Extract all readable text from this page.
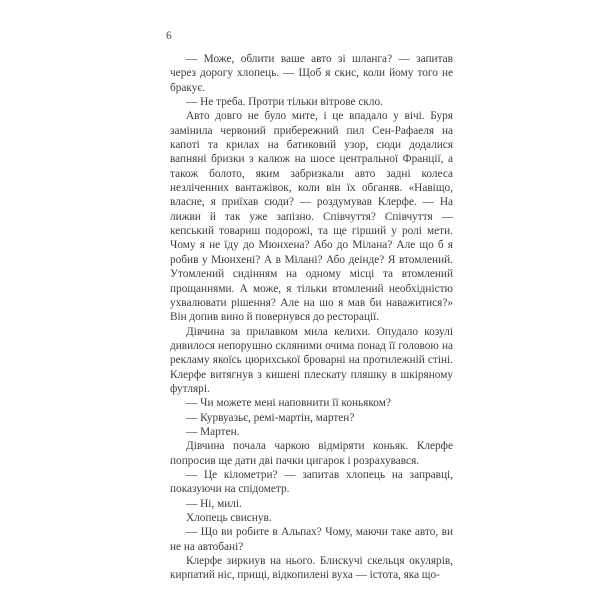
6

— Може, облити ваше авто зі шланга? — запитав через дорогу хлопець. — Щоб я скис, коли йому того не бракує.

— Не треба. Протри тільки вітрове скло.

Авто довго не було мите, і це впадало у вічі. Буря замінила червоний прибережний пил Сен-Рафаеля на капоті та крилах на батиковий узор, сюди додалися вапняні бризки з калюж на шосе центральної Франції, а також болото, яким забризкали авто задні колеса незліченних вантажівок, коли він їх обганяв. «Навіщо, власне, я приїхав сюди? — роздумував Клерфе. — На лижви й так уже запізно. Співчуття? Співчуття — кепський товариш подорожі, та ще гірший у ролі мети. Чому я не їду до Мюнхена? Або до Мілана? Але що б я робив у Мюнхені? А в Мілані? Або деінде? Я втомлений. Утомлений сидінням на одному місці та втомлений прощаннями. А може, я тільки втомлений необхідністю ухвалювати рішення? Але на шо я мав би наважитися?» Він допив вино й повернувся до ресторації.

Дівчина за прилавком мила келихи. Опудало козулі дивилося непорушно скляними очима понад її головою на рекламу якоїсь цюрихської броварні на протилежній стіні. Клерфе витягнув з кишені плескату пляшку в шкіряному футлярі.

— Чи можете мені наповнити її коньяком?

— Курвуазьє, ремі-мартін, мартен?

— Мартен.

Дівчина почала чаркою відміряти коньяк. Клерфе попросив ще дати дві пачки цигарок і розрахувався.

— Це кілометри? — запитав хлопець на заправці, показуючи на спідометр.

— Ні, милі.

Хлопець свиснув.

— Що ви робите в Альпах? Чому, маючи таке авто, ви не на автобані?

Клерфе зиркнув на нього. Блискучі скельця окулярів, кирпатий ніс, прищі, відкопилені вуха — істота, яка що-
